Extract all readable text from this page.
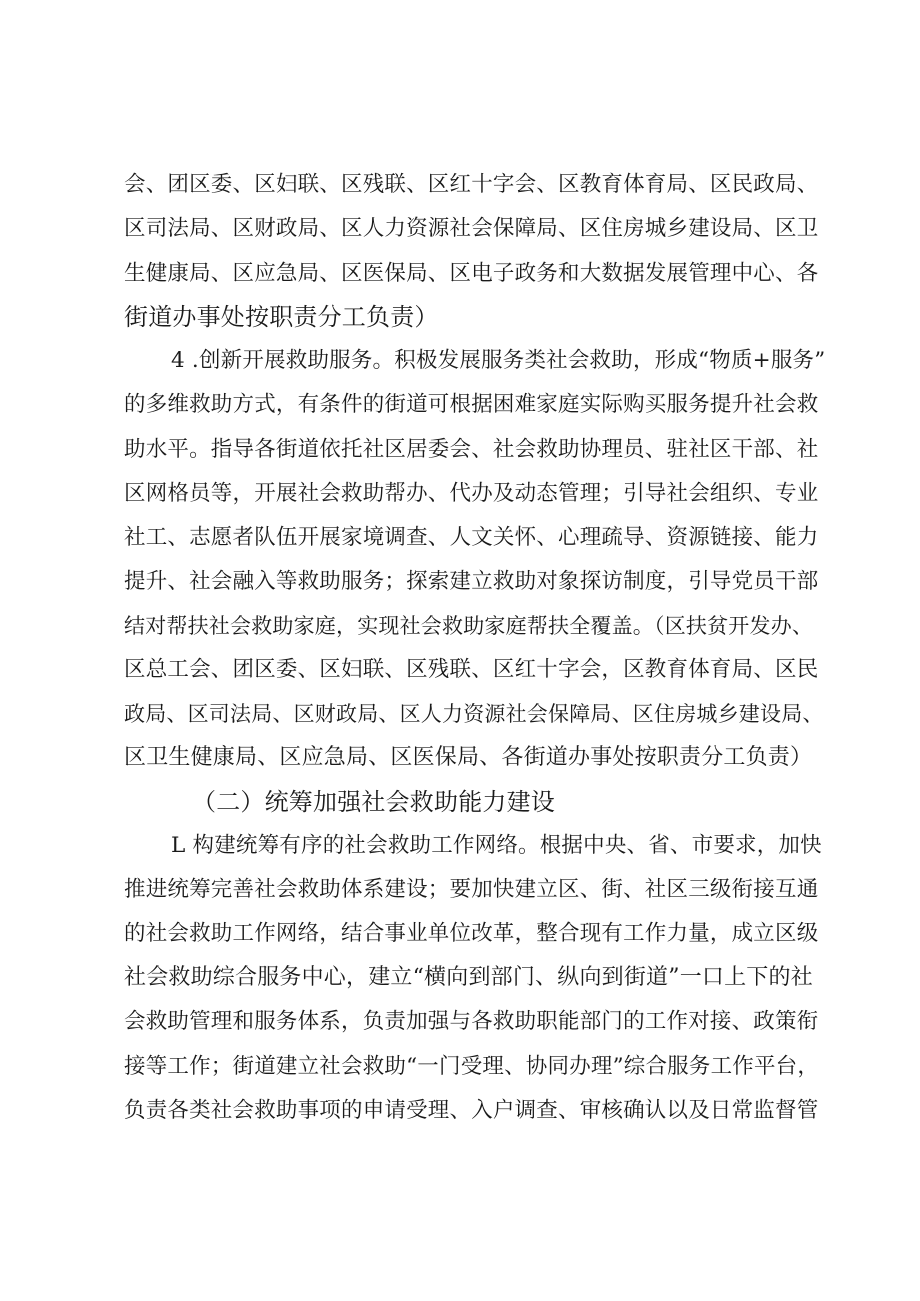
会、团区委、区妇联、区残联、区红十字会、区教育体育局、区民政局、
区司法局、区财政局、区人力资源社会保障局、区住房城乡建设局、区卫
生健康局、区应急局、区医保局、区电子政务和大数据发展管理中心、各
街道办事处按职责分工负责）
4 .创新开展救助服务。积极发展服务类社会救助，形成“物质+服务”
的多维救助方式，有条件的街道可根据困难家庭实际购买服务提升社会救
助水平。指导各街道依托社区居委会、社会救助协理员、驻社区干部、社
区网格员等，开展社会救助帮办、代办及动态管理；引导社会组织、专业
社工、志愿者队伍开展家境调查、人文关怀、心理疏导、资源链接、能力
提升、社会融入等救助服务；探索建立救助对象探访制度，引导党员干部
结对帮扶社会救助家庭，实现社会救助家庭帮扶全覆盖。（区扶贫开发办、
区总工会、团区委、区妇联、区残联、区红十字会，区教育体育局、区民
政局、区司法局、区财政局、区人力资源社会保障局、区住房城乡建设局、
区卫生健康局、区应急局、区医保局、各街道办事处按职责分工负责）
（二）统筹加强社会救助能力建设
L 构建统筹有序的社会救助工作网络。根据中央、省、市要求，加快
推进统筹完善社会救助体系建设；要加快建立区、街、社区三级衔接互通
的社会救助工作网络，结合事业单位改革，整合现有工作力量，成立区级
社会救助综合服务中心，建立“横向到部门、纵向到街道”一口上下的社
会救助管理和服务体系，负责加强与各救助职能部门的工作对接、政策衔
接等工作；街道建立社会救助“一门受理、协同办理”综合服务工作平台，
负责各类社会救助事项的申请受理、入户调查、审核确认以及日常监督管
